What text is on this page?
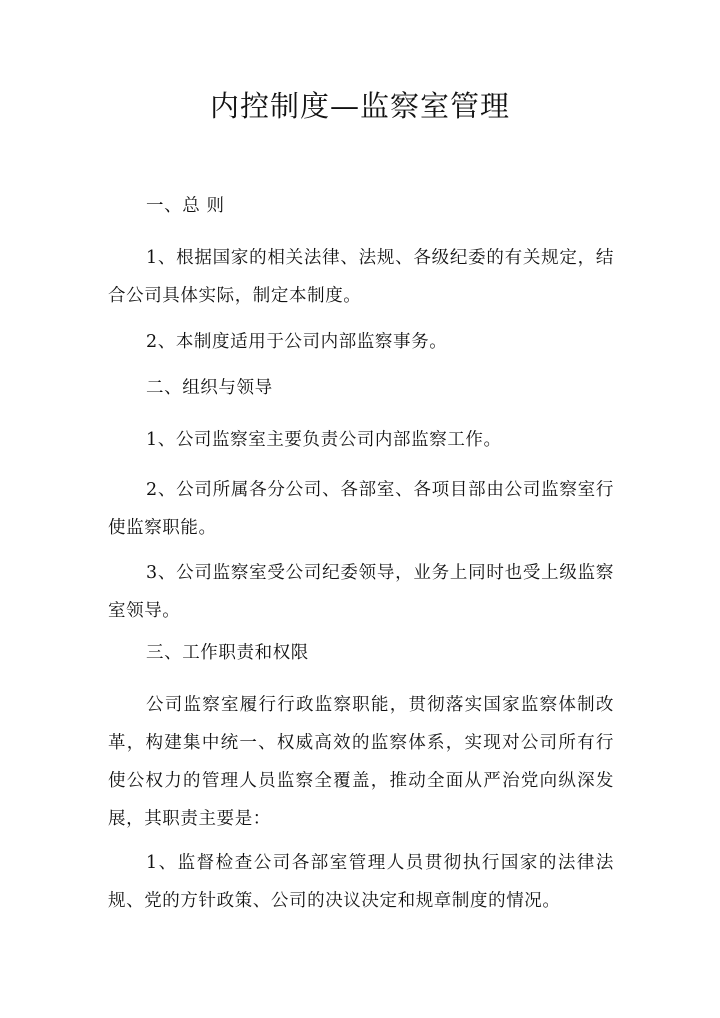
内控制度—监察室管理

一、总 则

1、根据国家的相关法律、法规、各级纪委的有关规定，结合公司具体实际，制定本制度。

2、本制度适用于公司内部监察事务。

二、组织与领导

1、公司监察室主要负责公司内部监察工作。

2、公司所属各分公司、各部室、各项目部由公司监察室行使监察职能。

3、公司监察室受公司纪委领导，业务上同时也受上级监察室领导。

三、工作职责和权限

公司监察室履行行政监察职能，贯彻落实国家监察体制改革，构建集中统一、权威高效的监察体系，实现对公司所有行使公权力的管理人员监察全覆盖，推动全面从严治党向纵深发展，其职责主要是：

1、监督检查公司各部室管理人员贯彻执行国家的法律法规、党的方针政策、公司的决议决定和规章制度的情况。
